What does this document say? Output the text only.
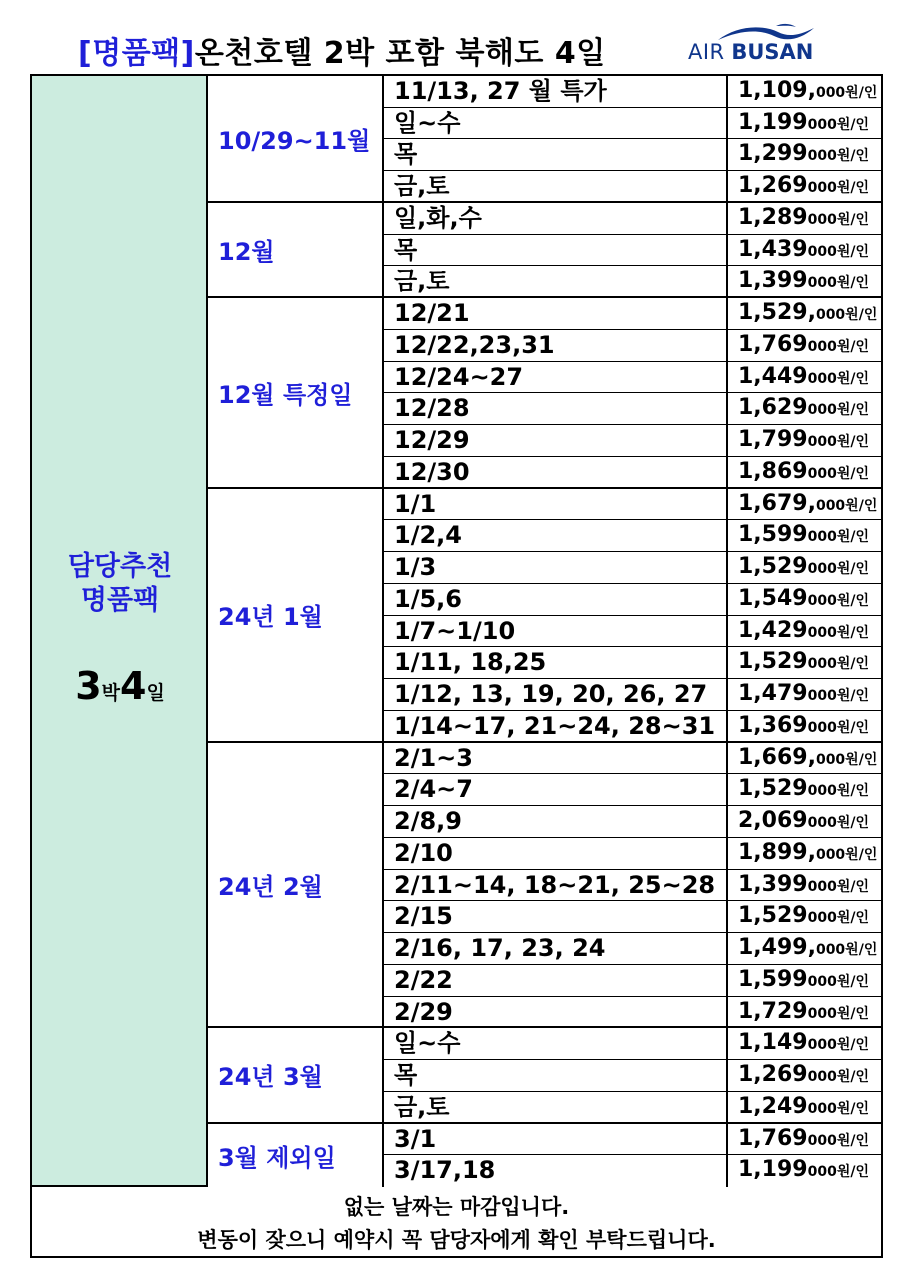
[명품팩]온천호텔 2박 포함 북해도 4일	AIR BUSAN
담당추천
명품팩
3박4일
10/29~11월
11/13, 27 월 특가	1,109,000원/인
일~수	1,199000원/인
목	1,299000원/인
금,토	1,269000원/인
12월
일,화,수	1,289000원/인
목	1,439000원/인
금,토	1,399000원/인
12월 특정일
12/21	1,529,000원/인
12/22,23,31	1,769000원/인
12/24~27	1,449000원/인
12/28	1,629000원/인
12/29	1,799000원/인
12/30	1,869000원/인
24년 1월
1/1	1,679,000원/인
1/2,4	1,599000원/인
1/3	1,529000원/인
1/5,6	1,549000원/인
1/7~1/10	1,429000원/인
1/11, 18,25	1,529000원/인
1/12, 13, 19, 20, 26, 27	1,479000원/인
1/14~17, 21~24, 28~31	1,369000원/인
24년 2월
2/1~3	1,669,000원/인
2/4~7	1,529000원/인
2/8,9	2,069000원/인
2/10	1,899,000원/인
2/11~14, 18~21, 25~28	1,399000원/인
2/15	1,529000원/인
2/16, 17, 23, 24	1,499,000원/인
2/22	1,599000원/인
2/29	1,729000원/인
24년 3월
일~수	1,149000원/인
목	1,269000원/인
금,토	1,249000원/인
3월 제외일
3/1	1,769000원/인
3/17,18	1,199000원/인
없는 날짜는 마감입니다.
변동이 잦으니 예약시 꼭 담당자에게 확인 부탁드립니다.
